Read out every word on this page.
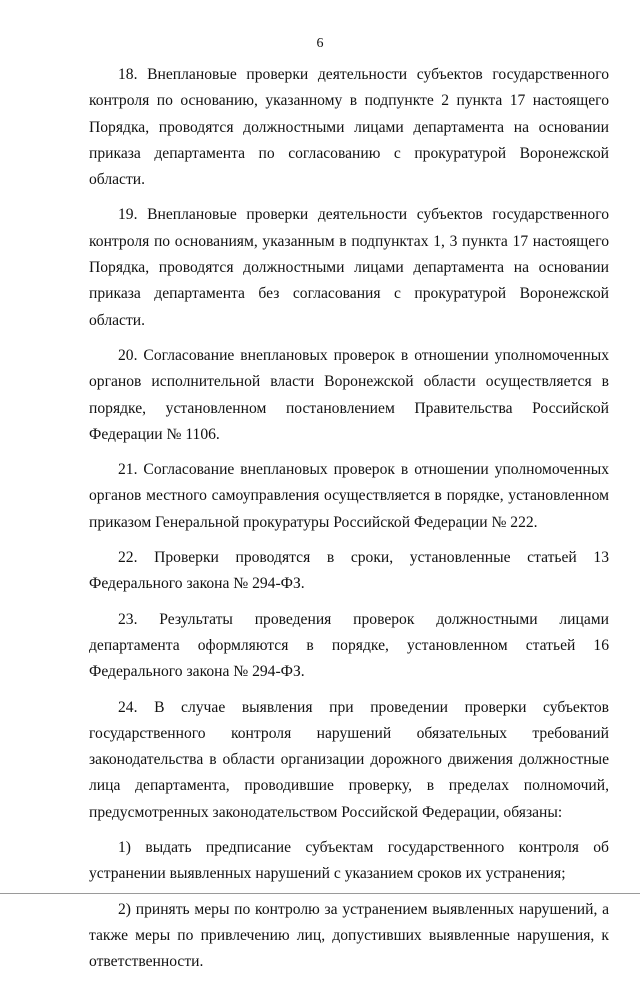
6

18. Внеплановые проверки деятельности субъектов государственного контроля по основанию, указанному в подпункте 2 пункта 17 настоящего Порядка, проводятся должностными лицами департамента на основании приказа департамента по согласованию с прокуратурой Воронежской области.

19. Внеплановые проверки деятельности субъектов государственного контроля по основаниям, указанным в подпунктах 1, 3 пункта 17 настоящего Порядка, проводятся должностными лицами департамента на основании приказа департамента без согласования с прокуратурой Воронежской области.

20. Согласование внеплановых проверок в отношении уполномоченных органов исполнительной власти Воронежской области осуществляется в порядке, установленном постановлением Правительства Российской Федерации № 1106.

21. Согласование внеплановых проверок в отношении уполномоченных органов местного самоуправления осуществляется в порядке, установленном приказом Генеральной прокуратуры Российской Федерации № 222.

22. Проверки проводятся в сроки, установленные статьей 13 Федерального закона № 294-ФЗ.

23. Результаты проведения проверок должностными лицами департамента оформляются в порядке, установленном статьей 16 Федерального закона № 294-ФЗ.

24. В случае выявления при проведении проверки субъектов государственного контроля нарушений обязательных требований законодательства в области организации дорожного движения должностные лица департамента, проводившие проверку, в пределах полномочий, предусмотренных законодательством Российской Федерации, обязаны:

1) выдать предписание субъектам государственного контроля об устранении выявленных нарушений с указанием сроков их устранения;

2) принять меры по контролю за устранением выявленных нарушений, а также меры по привлечению лиц, допустивших выявленные нарушения, к ответственности.
